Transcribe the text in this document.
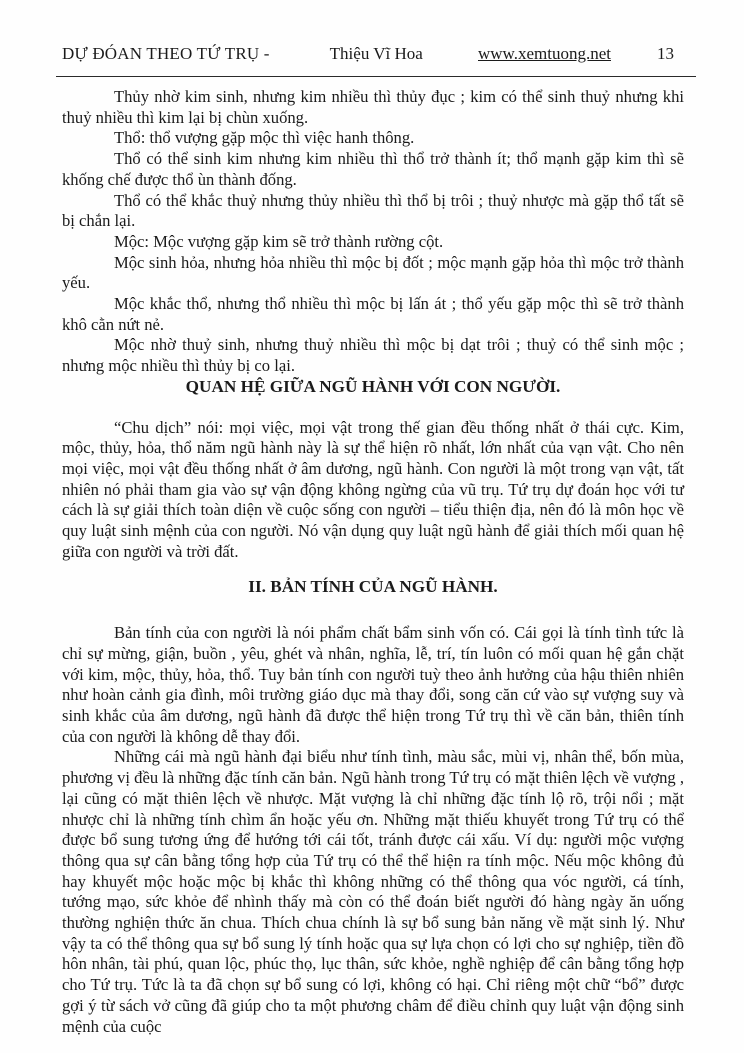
DỰ ĐÓAN THEO TỨ TRỤ -	Thiệu Vĩ Hoa	www.xemtuong.net	13

Thủy nhờ kim sinh, nhưng kim nhiều thì thủy đục ; kim có thể sinh thuỷ nhưng khi thuỷ nhiều thì kim lại bị chùn xuống.

Thổ: thổ vượng gặp mộc thì việc hanh thông.

Thổ có thể sinh kim nhưng kim nhiều thì thổ trở thành ít; thổ mạnh gặp kim thì sẽ khống chế được thổ ùn thành đống.

Thổ có thể khắc thuỷ nhưng thủy nhiều thì thổ bị trôi ; thuỷ nhược mà gặp thổ tất sẽ bị chắn lại.

Mộc: Mộc vượng gặp kim sẽ trở thành rường cột.

Mộc sinh hỏa, nhưng hỏa nhiều thì mộc bị đốt ; mộc mạnh gặp hỏa thì mộc trở thành yếu.

Mộc khắc thổ, nhưng thổ nhiều thì mộc bị lấn át ; thổ yếu gặp mộc thì sẽ trở thành khô cằn nứt nẻ.

Mộc nhờ thuỷ sinh, nhưng thuỷ nhiều thì mộc bị dạt trôi ; thuỷ có thể sinh mộc ; nhưng mộc nhiều thì thủy bị co lại.

QUAN HỆ GIỮA NGŨ HÀNH VỚI CON NGƯỜI.

“Chu dịch” nói: mọi việc, mọi vật trong thế gian đều thống nhất ở thái cực. Kim, mộc, thủy, hỏa, thổ năm ngũ hành này là sự thể hiện rõ nhất, lớn nhất của vạn vật. Cho nên mọi việc, mọi vật đều thống nhất ở âm dương, ngũ hành. Con người là một trong vạn vật, tất nhiên nó phải tham gia vào sự vận động không ngừng của vũ trụ. Tứ trụ dự đoán học với tư cách là sự giải thích toàn diện về cuộc sống con người – tiểu thiện địa, nên đó là môn học về quy luật sinh mệnh của con người. Nó vận dụng quy luật ngũ hành để giải thích mối quan hệ giữa con người và trời đất.

II. BẢN TÍNH CỦA NGŨ HÀNH.

Bản tính của con người là nói phẩm chất bẩm sinh vốn có. Cái gọi là tính tình tức là chỉ sự mừng, giận, buồn , yêu, ghét và nhân, nghĩa, lễ, trí, tín luôn có mối quan hệ gắn chặt với kim, mộc, thủy, hỏa, thổ. Tuy bản tính con người tuỳ theo ảnh hưởng của hậu thiên nhiên như hoàn cảnh gia đình, môi trường giáo dục mà thay đổi, song căn cứ vào sự vượng suy và sinh khắc của âm dương, ngũ hành đã được thể hiện trong Tứ trụ thì về căn bản, thiên tính của con người là không dễ thay đổi.

Những cái mà ngũ hành đại biểu như tính tình, màu sắc, mùi vị, nhân thể, bốn mùa, phương vị đều là những đặc tính căn bản. Ngũ hành trong Tứ trụ có mặt thiên lệch về vượng , lại cũng có mặt thiên lệch về nhược. Mặt vượng là chỉ những đặc tính lộ rõ, trội nổi ; mặt nhược chỉ là những tính chìm ẩn hoặc yếu ơn. Những mặt thiếu khuyết trong Tứ trụ có thể được bổ sung tương ứng để hướng tới cái tốt, tránh được cái xấu. Ví dụ: người mộc vượng thông qua sự cân bằng tổng hợp của Tứ trụ có thể thể hiện ra tính mộc. Nếu mộc không đủ hay khuyết mộc hoặc mộc bị khắc thì không những có thể thông qua vóc người, cá tính, tướng mạo, sức khỏe để nhình thấy mà còn có thể đoán biết người đó hàng ngày ăn uống thường nghiện thức ăn chua. Thích chua chính là sự bổ sung bản năng về mặt sinh lý. Như vậy ta có thể thông qua sự bổ sung lý tính hoặc qua sự lựa chọn có lợi cho sự nghiệp, tiền đồ hôn nhân, tài phú, quan lộc, phúc thọ, lục thân, sức khỏe, nghề nghiệp để cân bằng tổng hợp cho Tứ trụ. Tức là ta đã chọn sự bổ sung có lợi, không có hại. Chỉ riêng một chữ “bổ” được gợi ý từ sách vở cũng đã giúp cho ta một phương châm để điều chỉnh quy luật vận động sinh mệnh của cuộc
